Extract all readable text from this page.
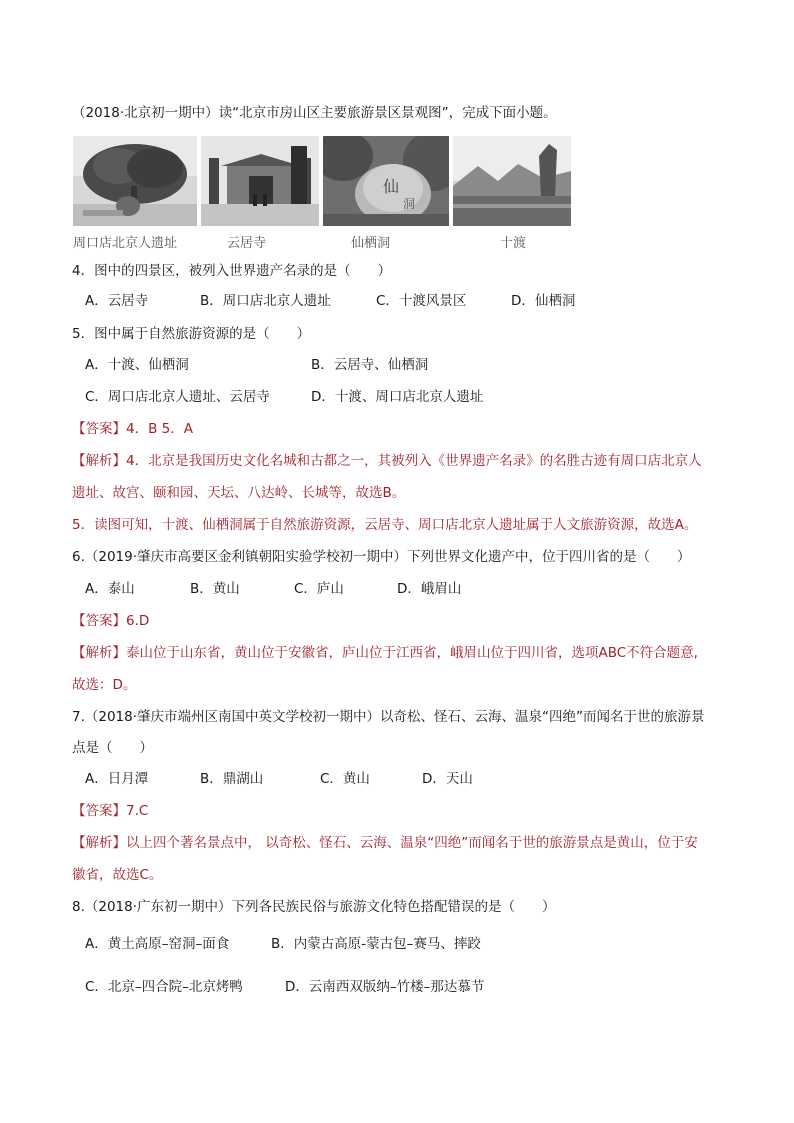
（2018·北京初一期中）读“北京市房山区主要旅游景区景观图”，完成下面小题。
仙
洞
周口店北京人遗址	云居寺	仙栖洞	十渡
4．图中的四景区，被列入世界遗产名录的是（　　）
A．云居寺	B．周口店北京人遗址	C．十渡风景区	D．仙栖洞
5．图中属于自然旅游资源的是（　　）
A．十渡、仙栖洞	B．云居寺、仙栖洞
C．周口店北京人遗址、云居寺	D．十渡、周口店北京人遗址
【答案】4．B 5．A
【解析】4．北京是我国历史文化名城和古都之一，其被列入《世界遗产名录》的名胜古迹有周口店北京人
遗址、故宫、颐和园、天坛、八达岭、长城等，故选B。
5．读图可知，十渡、仙栖洞属于自然旅游资源，云居寺、周口店北京人遗址属于人文旅游资源，故选A。
6.（2019·肇庆市高要区金利镇朝阳实验学校初一期中）下列世界文化遗产中，位于四川省的是（　　）
A．泰山	B．黄山	C．庐山	D．峨眉山
【答案】6.D
【解析】泰山位于山东省，黄山位于安徽省，庐山位于江西省，峨眉山位于四川省，选项ABC不符合题意,
故选：D。
7.（2018·肇庆市端州区南国中英文学校初一期中）以奇松、怪石、云海、温泉“四绝”而闻名于世的旅游景
点是（　　）
A．日月潭	B．鼎湖山	C．黄山	D．天山
【答案】7.C
【解析】以上四个著名景点中， 以奇松、怪石、云海、温泉“四绝”而闻名于世的旅游景点是黄山，位于安
徽省，故选C。
8.（2018·广东初一期中）下列各民族民俗与旅游文化特色搭配错误的是（　　）
A．黄土高原–窑洞–面食	B．内蒙古高原-蒙古包–赛马、摔跤
C．北京–四合院–北京烤鸭	D．云南西双版纳–竹楼–那达慕节
